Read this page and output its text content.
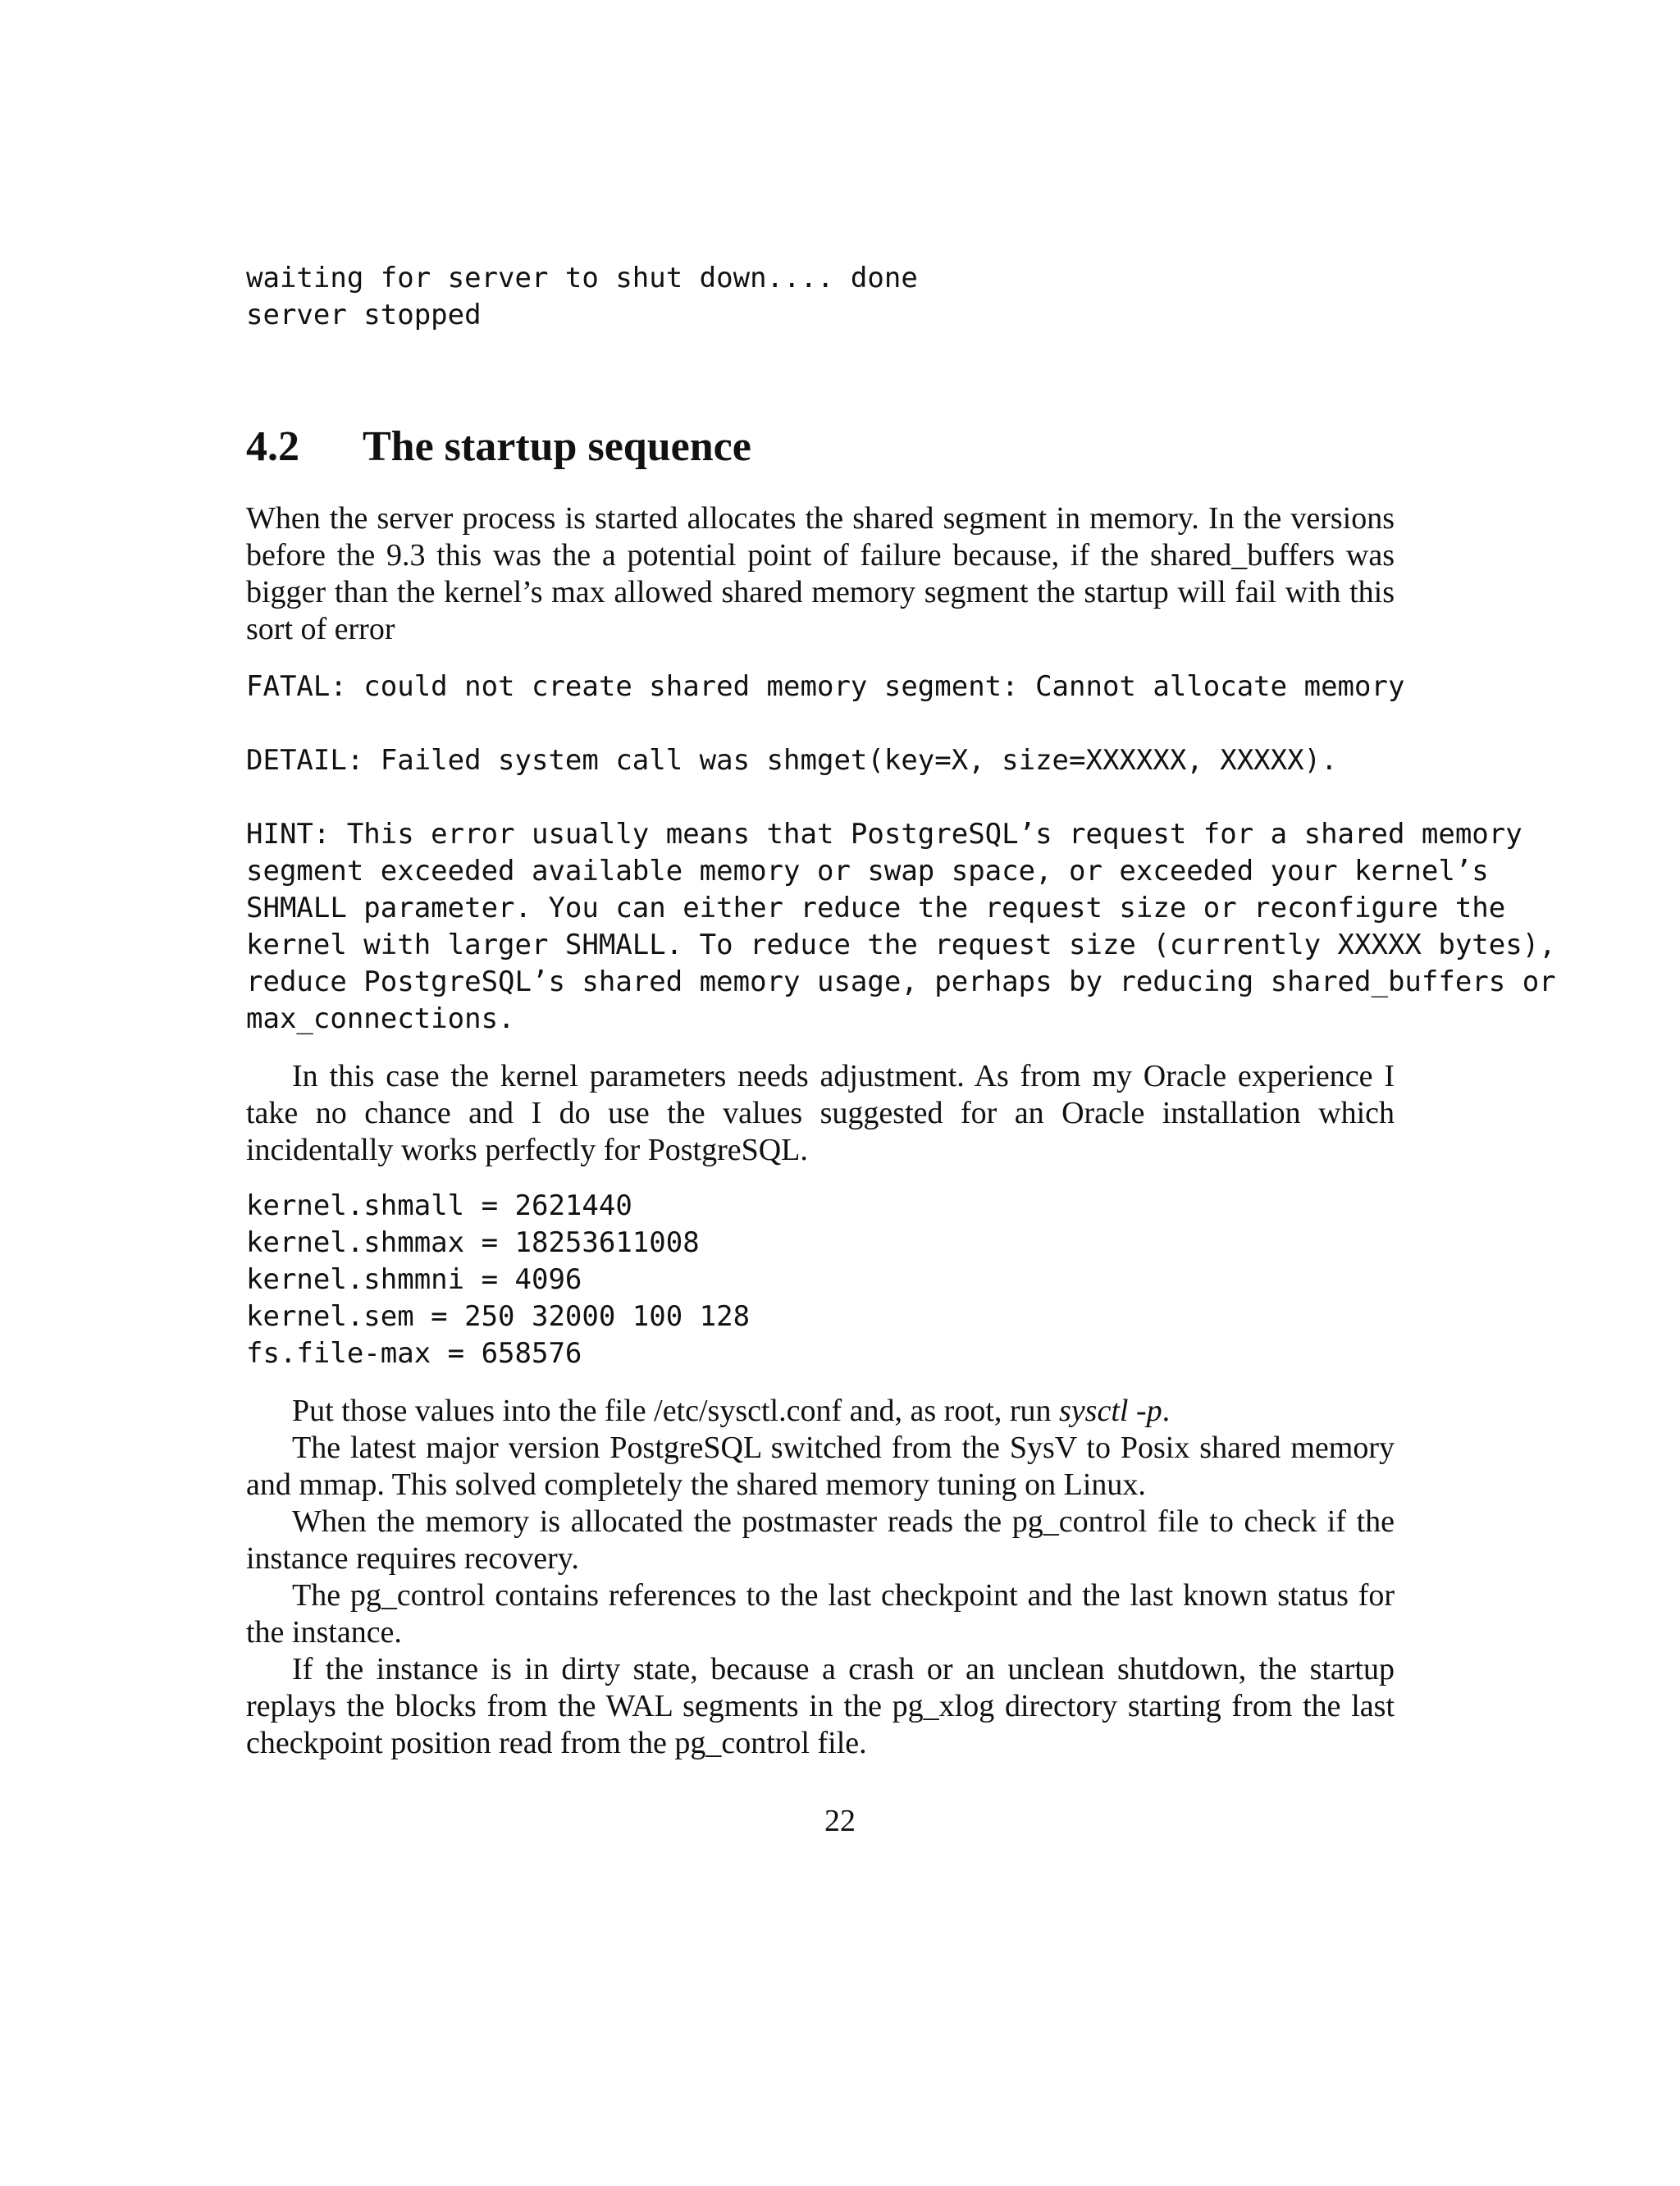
waiting for server to shut down.... done

server stopped

4.2 The startup sequence

When the server process is started allocates the shared segment in memory. In the versions before the 9.3 this was the a potential point of failure because, if the shared_buffers was bigger than the kernel’s max allowed shared memory segment the startup will fail with this sort of error

FATAL: could not create shared memory segment: Cannot allocate memory

DETAIL: Failed system call was shmget(key=X, size=XXXXXX, XXXXX).

HINT: This error usually means that PostgreSQL’s request for a shared memory

segment exceeded available memory or swap space, or exceeded your kernel’s

SHMALL parameter. You can either reduce the request size or reconfigure the

kernel with larger SHMALL. To reduce the request size (currently XXXXX bytes),

reduce PostgreSQL’s shared memory usage, perhaps by reducing shared_buffers or

max_connections.

In this case the kernel parameters needs adjustment. As from my Oracle experience I take no chance and I do use the values suggested for an Oracle installation which incidentally works perfectly for PostgreSQL.

kernel.shmall = 2621440

kernel.shmmax = 18253611008

kernel.shmmni = 4096

kernel.sem = 250 32000 100 128

fs.file-max = 658576

Put those values into the file /etc/sysctl.conf and, as root, run sysctl -p.

The latest major version PostgreSQL switched from the SysV to Posix shared memory and mmap. This solved completely the shared memory tuning on Linux.

When the memory is allocated the postmaster reads the pg_control file to check if the instance requires recovery.

The pg_control contains references to the last checkpoint and the last known status for the instance.

If the instance is in dirty state, because a crash or an unclean shutdown, the startup replays the blocks from the WAL segments in the pg_xlog directory starting from the last checkpoint position read from the pg_control file.

22
